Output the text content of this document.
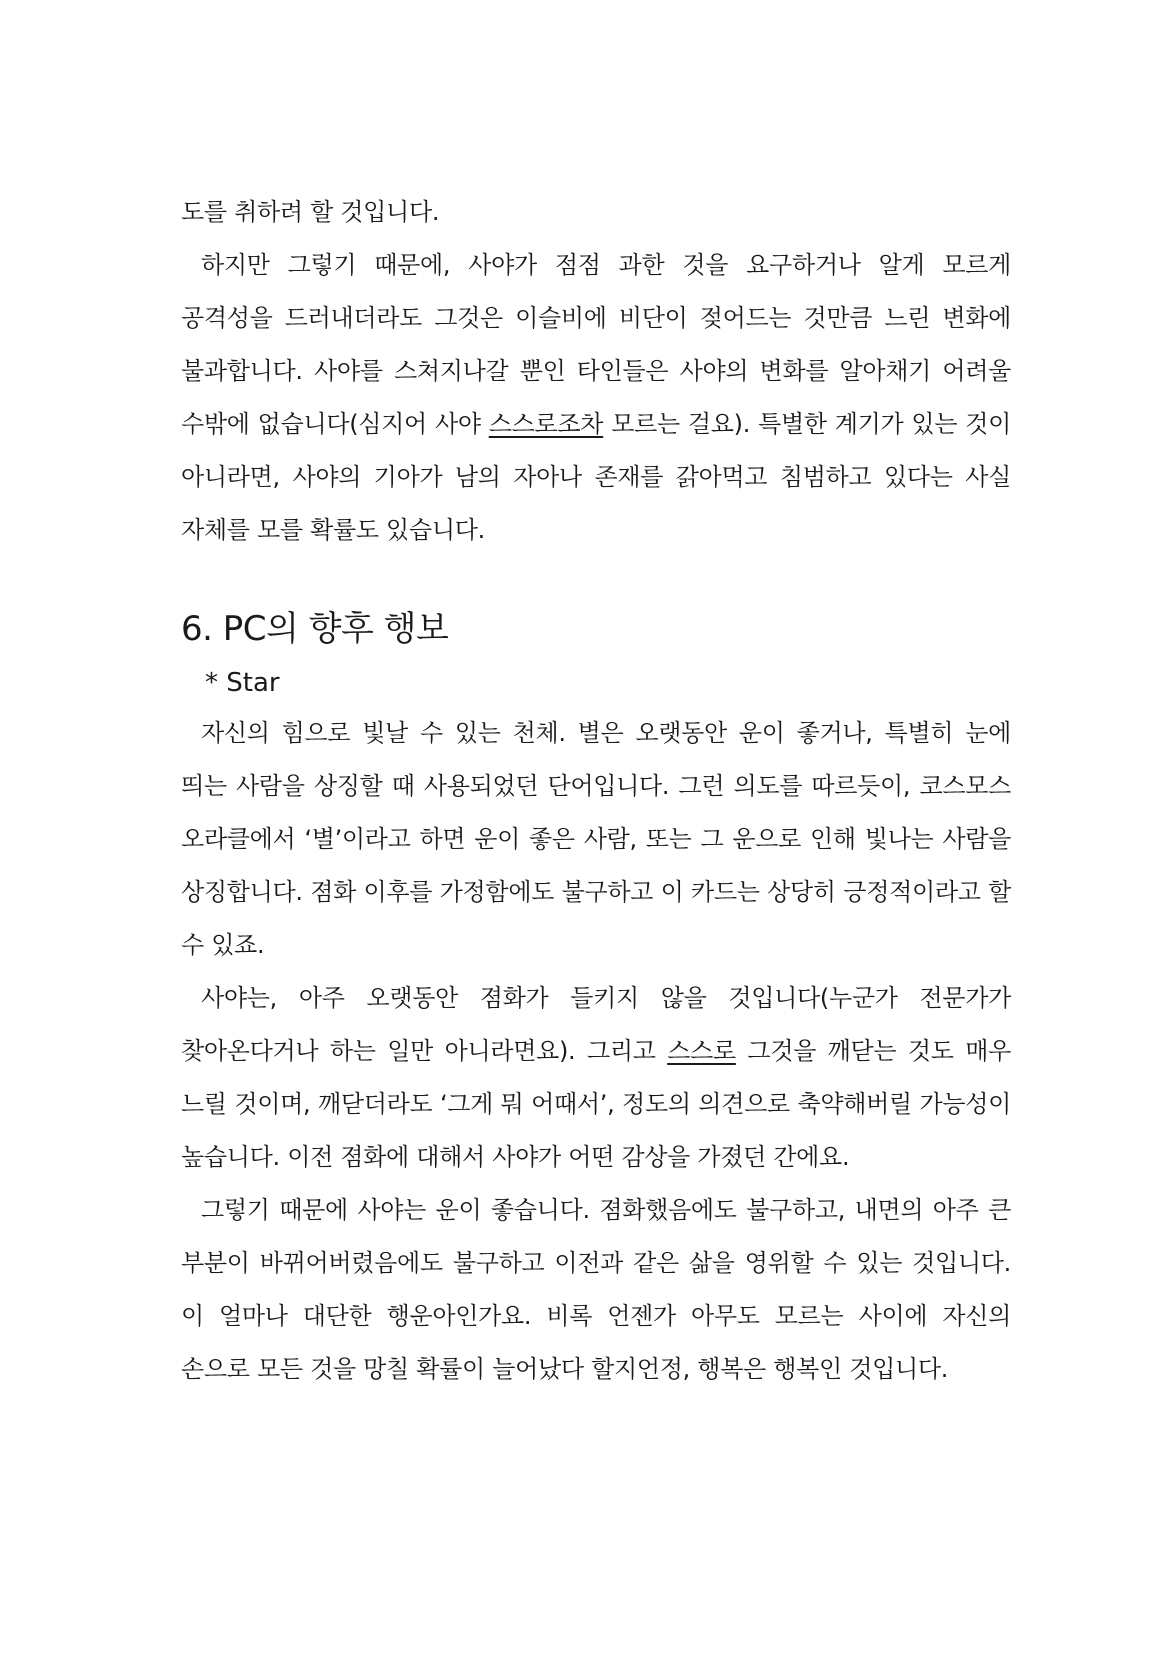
도를 취하려 할 것입니다.

하지만 그렇기 때문에, 사야가 점점 과한 것을 요구하거나 알게 모르게 공격성을 드러내더라도 그것은 이슬비에 비단이 젖어드는 것만큼 느린 변화에 불과합니다. 사야를 스쳐지나갈 뿐인 타인들은 사야의 변화를 알아채기 어려울 수밖에 없습니다(심지어 사야 스스로조차 모르는 걸요). 특별한 계기가 있는 것이 아니라면, 사야의 기아가 남의 자아나 존재를 갉아먹고 침범하고 있다는 사실 자체를 모를 확률도 있습니다.

6. PC의 향후 행보

* Star

자신의 힘으로 빛날 수 있는 천체. 별은 오랫동안 운이 좋거나, 특별히 눈에 띄는 사람을 상징할 때 사용되었던 단어입니다. 그런 의도를 따르듯이, 코스모스 오라클에서 ‘별’이라고 하면 운이 좋은 사람, 또는 그 운으로 인해 빛나는 사람을 상징합니다. 졈화 이후를 가정함에도 불구하고 이 카드는 상당히 긍정적이라고 할 수 있죠.

사야는, 아주 오랫동안 졈화가 들키지 않을 것입니다(누군가 전문가가 찾아온다거나 하는 일만 아니라면요). 그리고 스스로 그것을 깨닫는 것도 매우 느릴 것이며, 깨닫더라도 ‘그게 뭐 어때서’, 정도의 의견으로 축약해버릴 가능성이 높습니다. 이전 졈화에 대해서 사야가 어떤 감상을 가졌던 간에요.

그렇기 때문에 사야는 운이 좋습니다. 졈화했음에도 불구하고, 내면의 아주 큰 부분이 바뀌어버렸음에도 불구하고 이전과 같은 삶을 영위할 수 있는 것입니다. 이 얼마나 대단한 행운아인가요. 비록 언젠가 아무도 모르는 사이에 자신의 손으로 모든 것을 망칠 확률이 늘어났다 할지언정, 행복은 행복인 것입니다.
